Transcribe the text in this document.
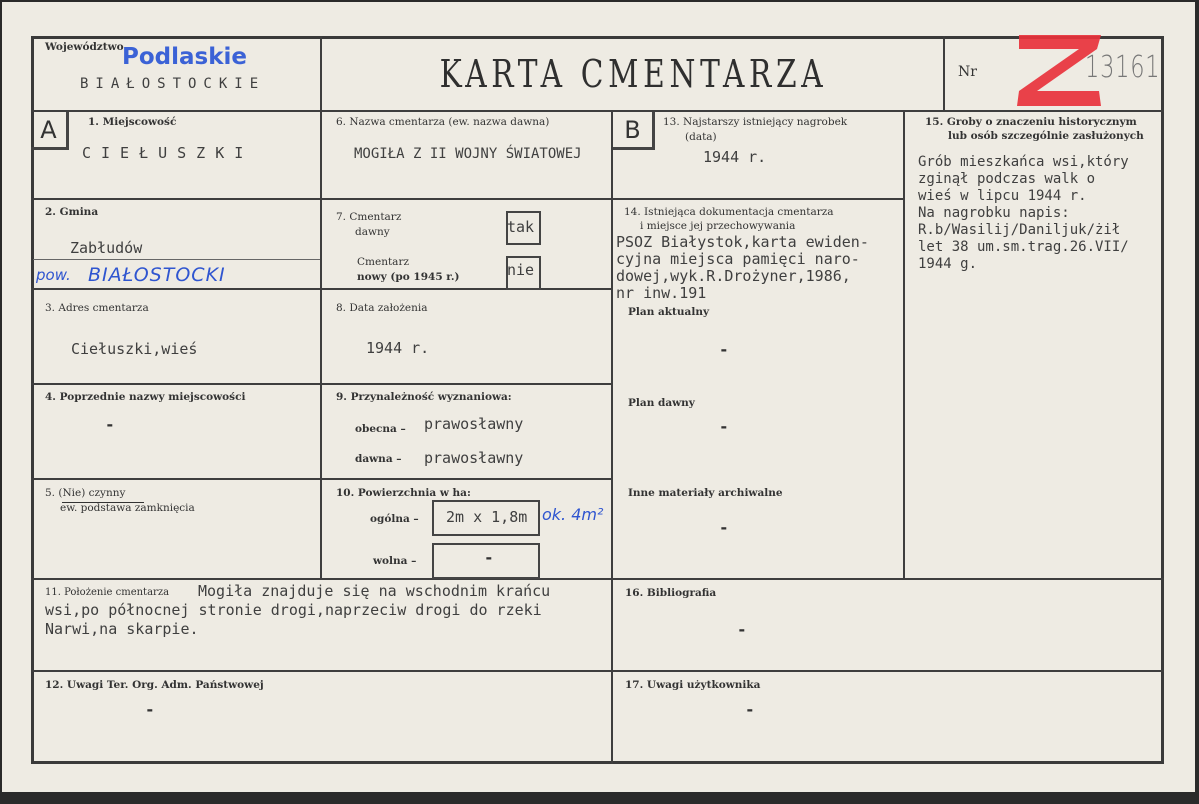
Województwo
Podlaskie
BIAŁOSTOCKIE	KARTA CMENTARZA	Nr	13161
A	1. Miejscowość
CIEŁUSZKI
2. Gmina
Zabłudów
pow. BIAŁOSTOCKI
3. Adres cmentarza
Ciełuszki,wieś
4. Poprzednie nazwy miejscowości
-
5. (Nie) czynny
ew. podstawa zamknięcia
6. Nazwa cmentarza (ew. nazwa dawna)
MOGIŁA Z II WOJNY ŚWIATOWEJ
7. Cmentarz
dawny	tak
Cmentarz
nowy (po 1945 r.)	nie
8. Data założenia
1944 r.
9. Przynależność wyznaniowa:
obecna – prawosławny
dawna – prawosławny
10. Powierzchnia w ha:
ogólna – 2m x 1,8m ok. 4m²
wolna –	-
B	13. Najstarszy istniejący nagrobek
(data)
1944 r.
14. Istniejąca dokumentacja cmentarza
i miejsce jej przechowywania
PSOZ Białystok,karta ewiden-
cyjna miejsca pamięci naro-
dowej,wyk.R.Drożyner,1986,
nr inw.191
Plan aktualny
-
Plan dawny
-
Inne materiały archiwalne
-
15. Groby o znaczeniu historycznym
lub osób szczególnie zasłużonych
Grób mieszkańca wsi,który
zginął podczas walk o
wieś w lipcu 1944 r.
Na nagrobku napis:
R.b/Wasilij/Daniljuk/żił
let 38 um.sm.trag.26.VII/
1944 g.
11. Położenie cmentarza Mogiła znajduje się na wschodnim krańcu
wsi,po północnej stronie drogi,naprzeciw drogi do rzeki
Narwi,na skarpie.
16. Bibliografia
-
12. Uwagi Ter. Org. Adm. Państwowej
-
17. Uwagi użytkownika
-
